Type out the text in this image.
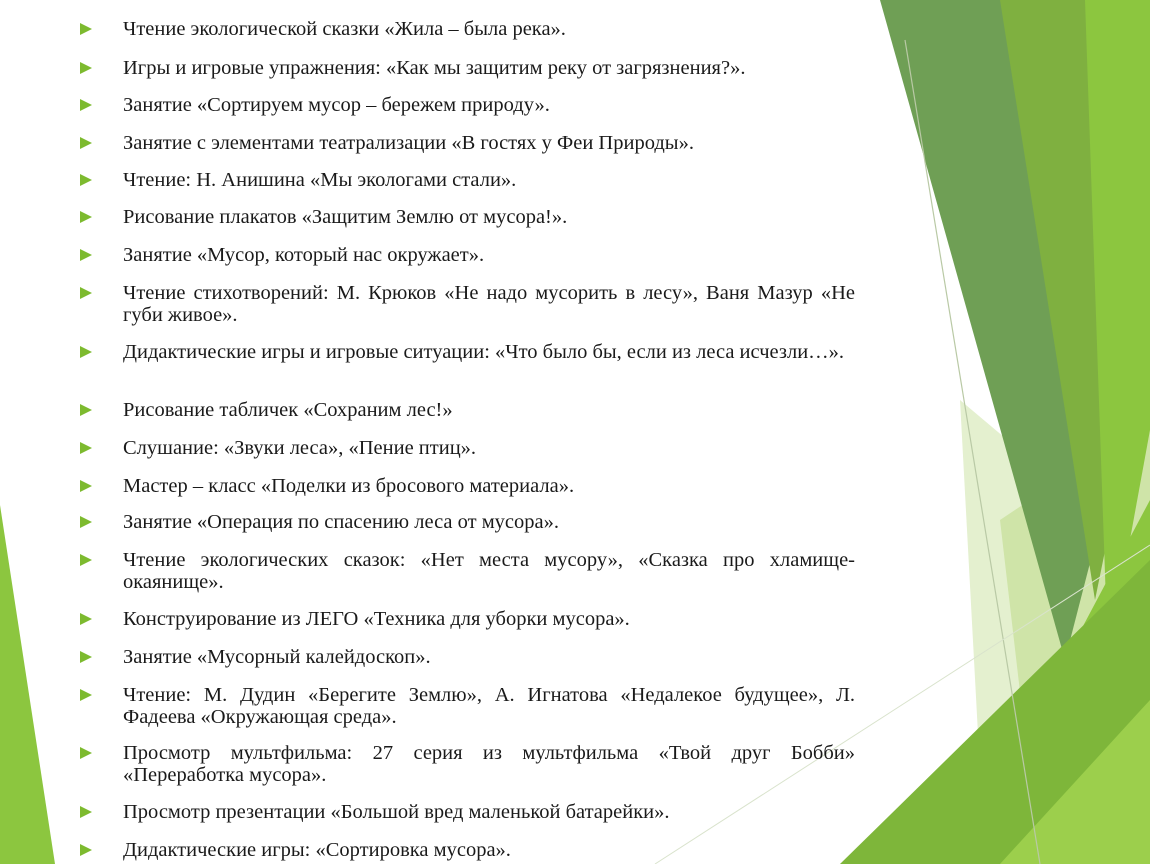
Чтение экологической сказки «Жила – была река».
Игры и игровые упражнения: «Как мы защитим реку от загрязнения?».
Занятие «Сортируем мусор – бережем природу».
Занятие с элементами театрализации «В гостях у Феи Природы».
Чтение: Н. Анишина «Мы экологами стали».
Рисование плакатов «Защитим Землю от мусора!».
Занятие «Мусор, который нас окружает».
Чтение стихотворений: М. Крюков «Не надо мусорить в лесу», Ваня Мазур «Не губи живое».
Дидактические игры и игровые ситуации: «Что было бы, если из леса исчезли…».
Рисование табличек «Сохраним лес!»
Слушание: «Звуки леса», «Пение птиц».
Мастер – класс «Поделки из бросового материала».
Занятие «Операция по спасению леса от мусора».
Чтение экологических сказок: «Нет места мусору», «Сказка про хламище-окаянище».
Конструирование из ЛЕГО «Техника для уборки мусора».
Занятие «Мусорный калейдоскоп».
Чтение: М. Дудин «Берегите Землю», А. Игнатова «Недалекое будущее», Л. Фадеева «Окружающая среда».
Просмотр мультфильма: 27 серия из мультфильма «Твой друг Бобби» «Переработка мусора».
Просмотр презентации «Большой вред маленькой батарейки».
Дидактические игры: «Сортировка мусора».
